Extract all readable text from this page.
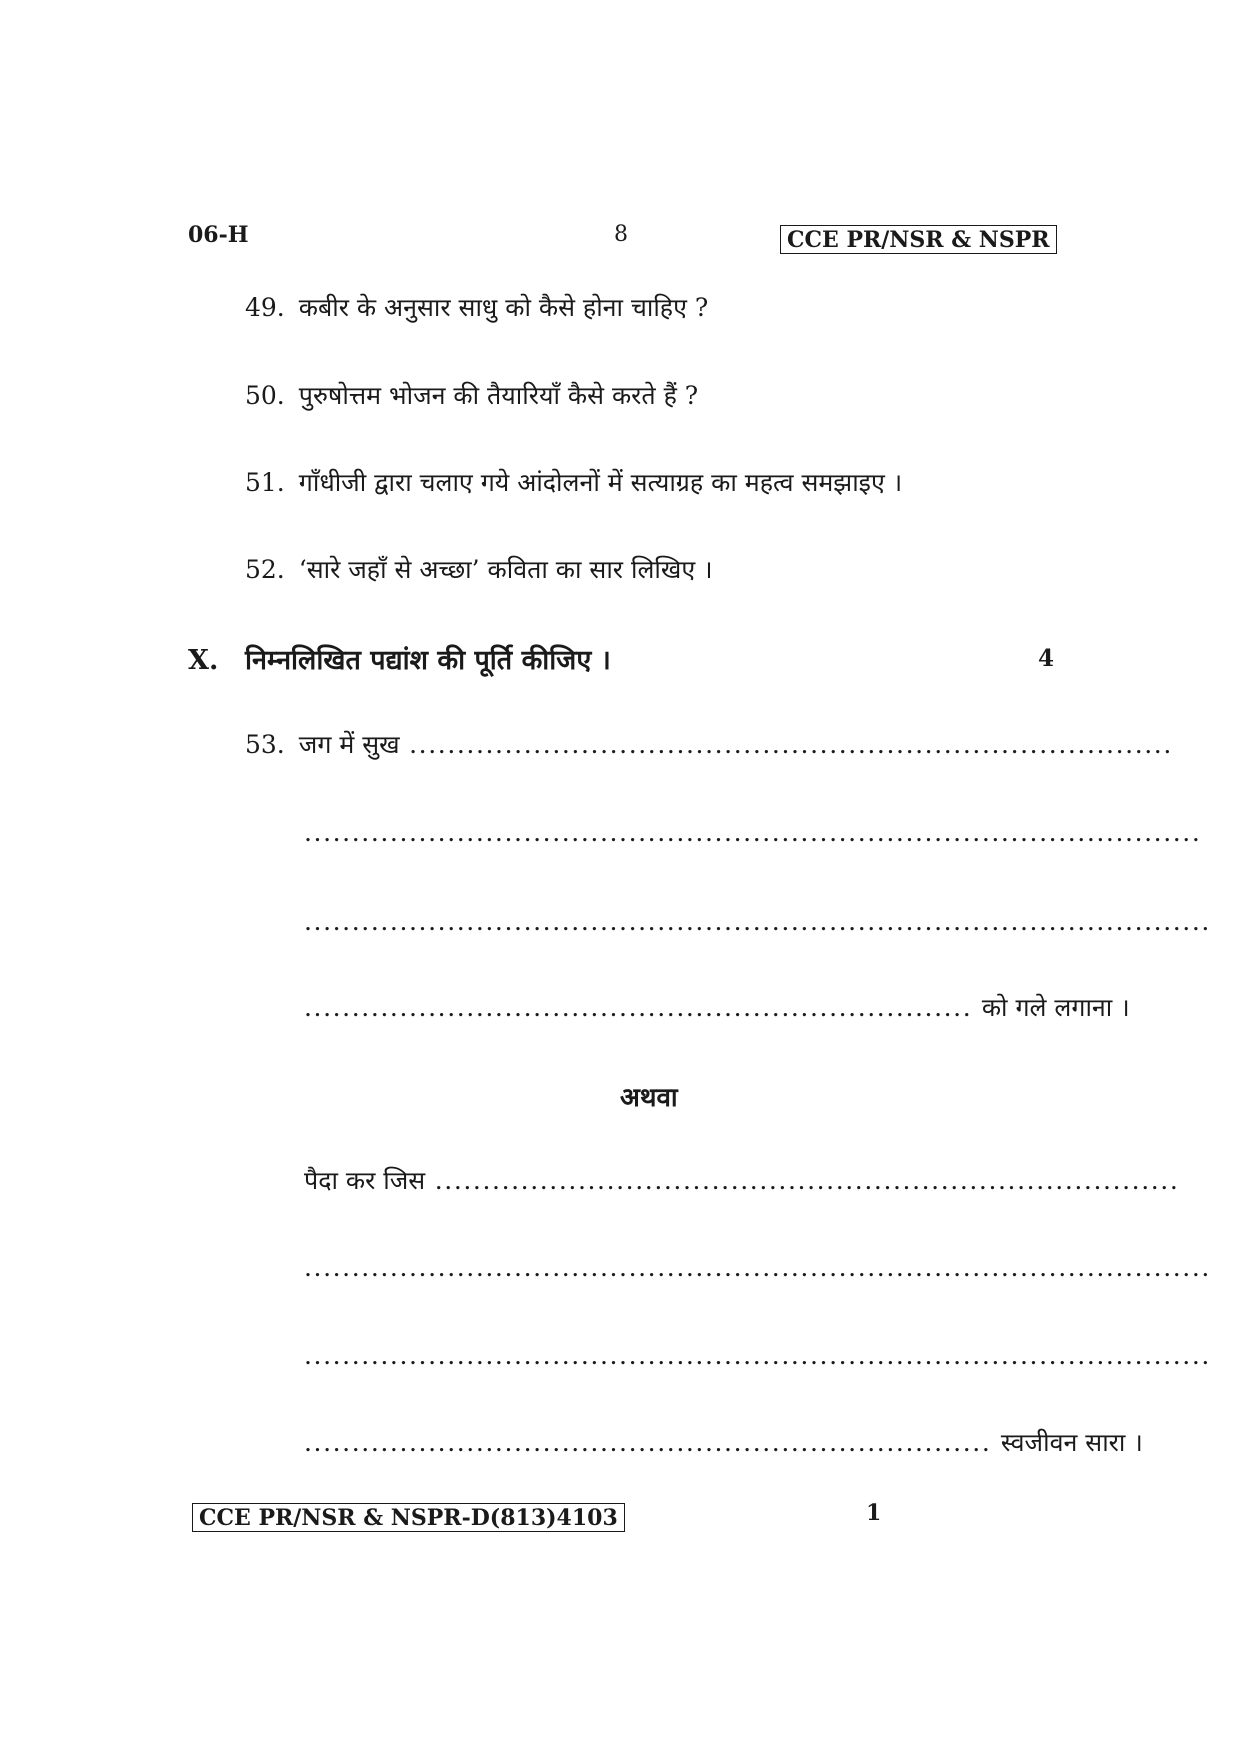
06-H	8	CCE PR/NSR & NSPR
49. कबीर के अनुसार साधु को कैसे होना चाहिए ?
50. पुरुषोत्तम भोजन की तैयारियाँ कैसे करते हैं ?
51. गाँधीजी द्वारा चलाए गये आंदोलनों में सत्याग्रह का महत्व समझाइए ।
52. ‘सारे जहाँ से अच्छा’ कविता का सार लिखिए ।
X. निम्नलिखित पद्यांश की पूर्ति कीजिए ।	4
53. जग में सुख ................................................................................
..............................................................................................
...............................................................................................
...................................................................... को गले लगाना ।
अथवा
पैदा कर जिस ..............................................................................
...............................................................................................
...............................................................................................
........................................................................ स्वजीवन सारा ।
CCE PR/NSR & NSPR-D(813)4103	1
